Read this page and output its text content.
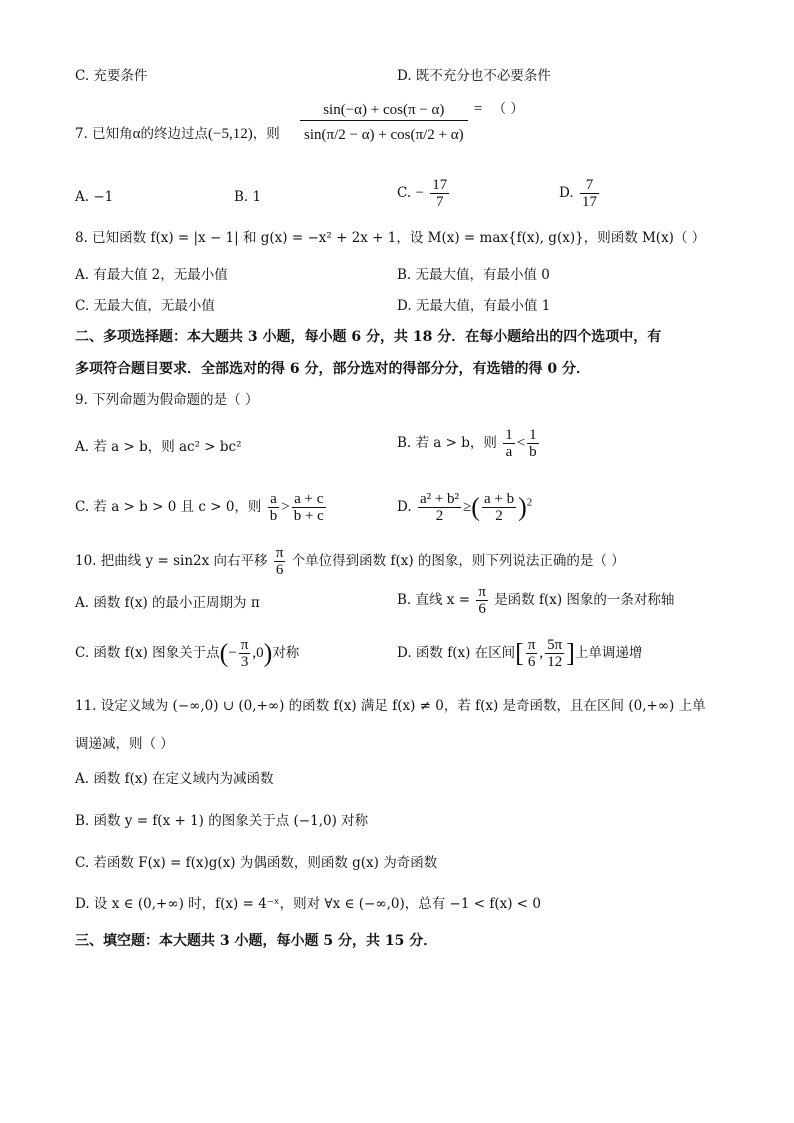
C. 充要条件	D. 既不充分也不必要条件
7. 已知角α的终边过点(−5,12)，则 $\frac{\sin(-\alpha) + \cos(\pi - \alpha)}{\sin(\pi/2 - \alpha) + \cos(\pi/2 + \alpha)}$ = （ ）
A. −1	B. 1	C. − $\frac{17}{7}$	D. $\frac{7}{17}$
8. 已知函数 f(x) = |x − 1| 和 g(x) = −x² + 2x + 1，设 M(x) = max{f(x), g(x)}，则函数 M(x)（ ）
A. 有最大值 2，无最小值	B. 无最大值，有最小值 0
C. 无最大值，无最小值	D. 无最大值，有最小值 1
二、多项选择题：本大题共 3 小题，每小题 6 分，共 18 分．在每小题给出的四个选项中，有
多项符合题目要求．全部选对的得 6 分，部分选对的得部分分，有选错的得 0 分．
9. 下列命题为假命题的是（ ）
A. 若 a > b，则 ac² > bc²	B. 若 a > b，则 $\frac{1}{a} < \frac{1}{b}$
C. 若 a > b > 0 且 c > 0，则 $\frac{a}{b} > \frac{a + c}{b + c}$	D. $\frac{\text{a² + b²}}{2}$ ≥( $\frac{a + b}{2} )^2$
10. 把曲线 y = sin2x 向右平移 $\frac{\pi}{6}$ 个单位得到函数 f(x) 的图象，则下列说法正确的是（ ）
A. 函数 f(x) 的最小正周期为 π	B. 直线 $x = \frac{\pi}{6}$ 是函数 f(x) 图象的一条对称轴
C. 函数 f(x) 图象关于点(− $\frac{\pi}{3} ,0$)对称	D. 函数 f(x) 在区间[ $\frac{\pi}{6}$ , $\frac{5\pi}{12}$ ]上单调递增
11. 设定义域为 (−∞,0) ∪ (0,+∞) 的函数 f(x) 满足 f(x) ≠ 0，若 f(x) 是奇函数，且在区间 (0,+∞) 上单
调递减，则（ ）
A. 函数 f(x) 在定义域内为减函数
B. 函数 y = f(x + 1) 的图象关于点 (−1,0) 对称
C. 若函数 F(x) = f(x)g(x) 为偶函数，则函数 g(x) 为奇函数
D. 设 x ∈ (0,+∞) 时，f(x) = 4⁻ˣ，则对 ∀x ∈ (−∞,0)，总有 −1 < f(x) < 0
三、填空题：本大题共 3 小题，每小题 5 分，共 15 分．
